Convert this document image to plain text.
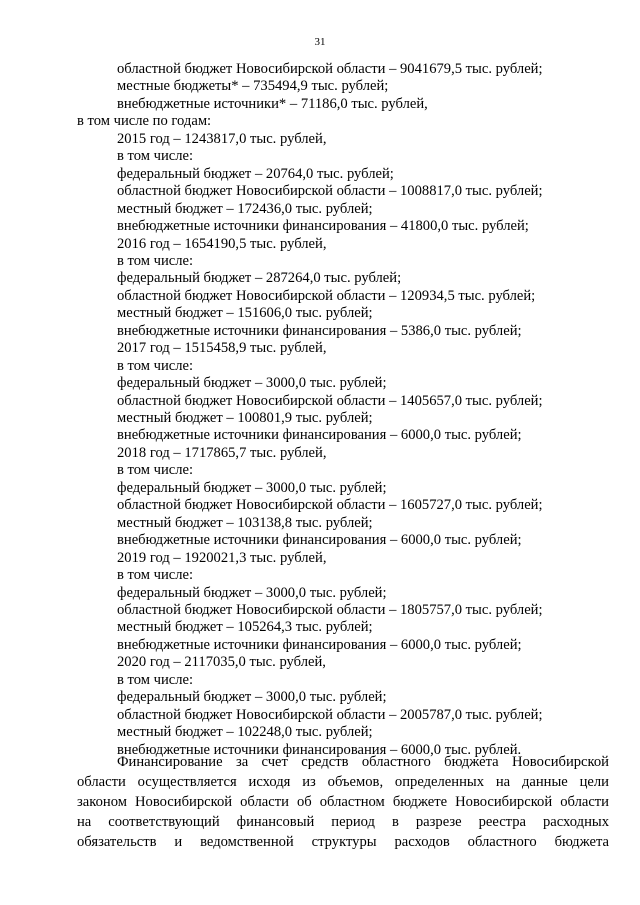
31
областной бюджет Новосибирской области – 9041679,5 тыс. рублей;
местные бюджеты* – 735494,9 тыс. рублей;
внебюджетные источники* – 71186,0 тыс. рублей,
в том числе по годам:
2015 год – 1243817,0 тыс. рублей,
в том числе:
федеральный бюджет – 20764,0 тыс. рублей;
областной бюджет Новосибирской области – 1008817,0 тыс. рублей;
местный бюджет – 172436,0 тыс. рублей;
внебюджетные источники финансирования – 41800,0 тыс. рублей;
2016 год – 1654190,5 тыс. рублей,
в том числе:
федеральный бюджет – 287264,0 тыс. рублей;
областной бюджет Новосибирской области – 120934,5 тыс. рублей;
местный бюджет – 151606,0 тыс. рублей;
внебюджетные источники финансирования – 5386,0 тыс. рублей;
2017 год – 1515458,9 тыс. рублей,
в том числе:
федеральный бюджет – 3000,0 тыс. рублей;
областной бюджет Новосибирской области – 1405657,0 тыс. рублей;
местный бюджет – 100801,9 тыс. рублей;
внебюджетные источники финансирования – 6000,0 тыс. рублей;
2018 год – 1717865,7 тыс. рублей,
в том числе:
федеральный бюджет – 3000,0 тыс. рублей;
областной бюджет Новосибирской области – 1605727,0 тыс. рублей;
местный бюджет – 103138,8 тыс. рублей;
внебюджетные источники финансирования – 6000,0 тыс. рублей;
2019 год – 1920021,3 тыс. рублей,
в том числе:
федеральный бюджет – 3000,0 тыс. рублей;
областной бюджет Новосибирской области – 1805757,0 тыс. рублей;
местный бюджет – 105264,3 тыс. рублей;
внебюджетные источники финансирования – 6000,0 тыс. рублей;
2020 год – 2117035,0 тыс. рублей,
в том числе:
федеральный бюджет – 3000,0 тыс. рублей;
областной бюджет Новосибирской области – 2005787,0 тыс. рублей;
местный бюджет – 102248,0 тыс. рублей;
внебюджетные источники финансирования – 6000,0 тыс. рублей.
Финансирование за счет средств областного бюджета Новосибирской
области осуществляется исходя из объемов, определенных на данные цели
законом Новосибирской области об областном бюджете Новосибирской области
на соответствующий финансовый период в разрезе реестра расходных
обязательств и ведомственной структуры расходов областного бюджета
